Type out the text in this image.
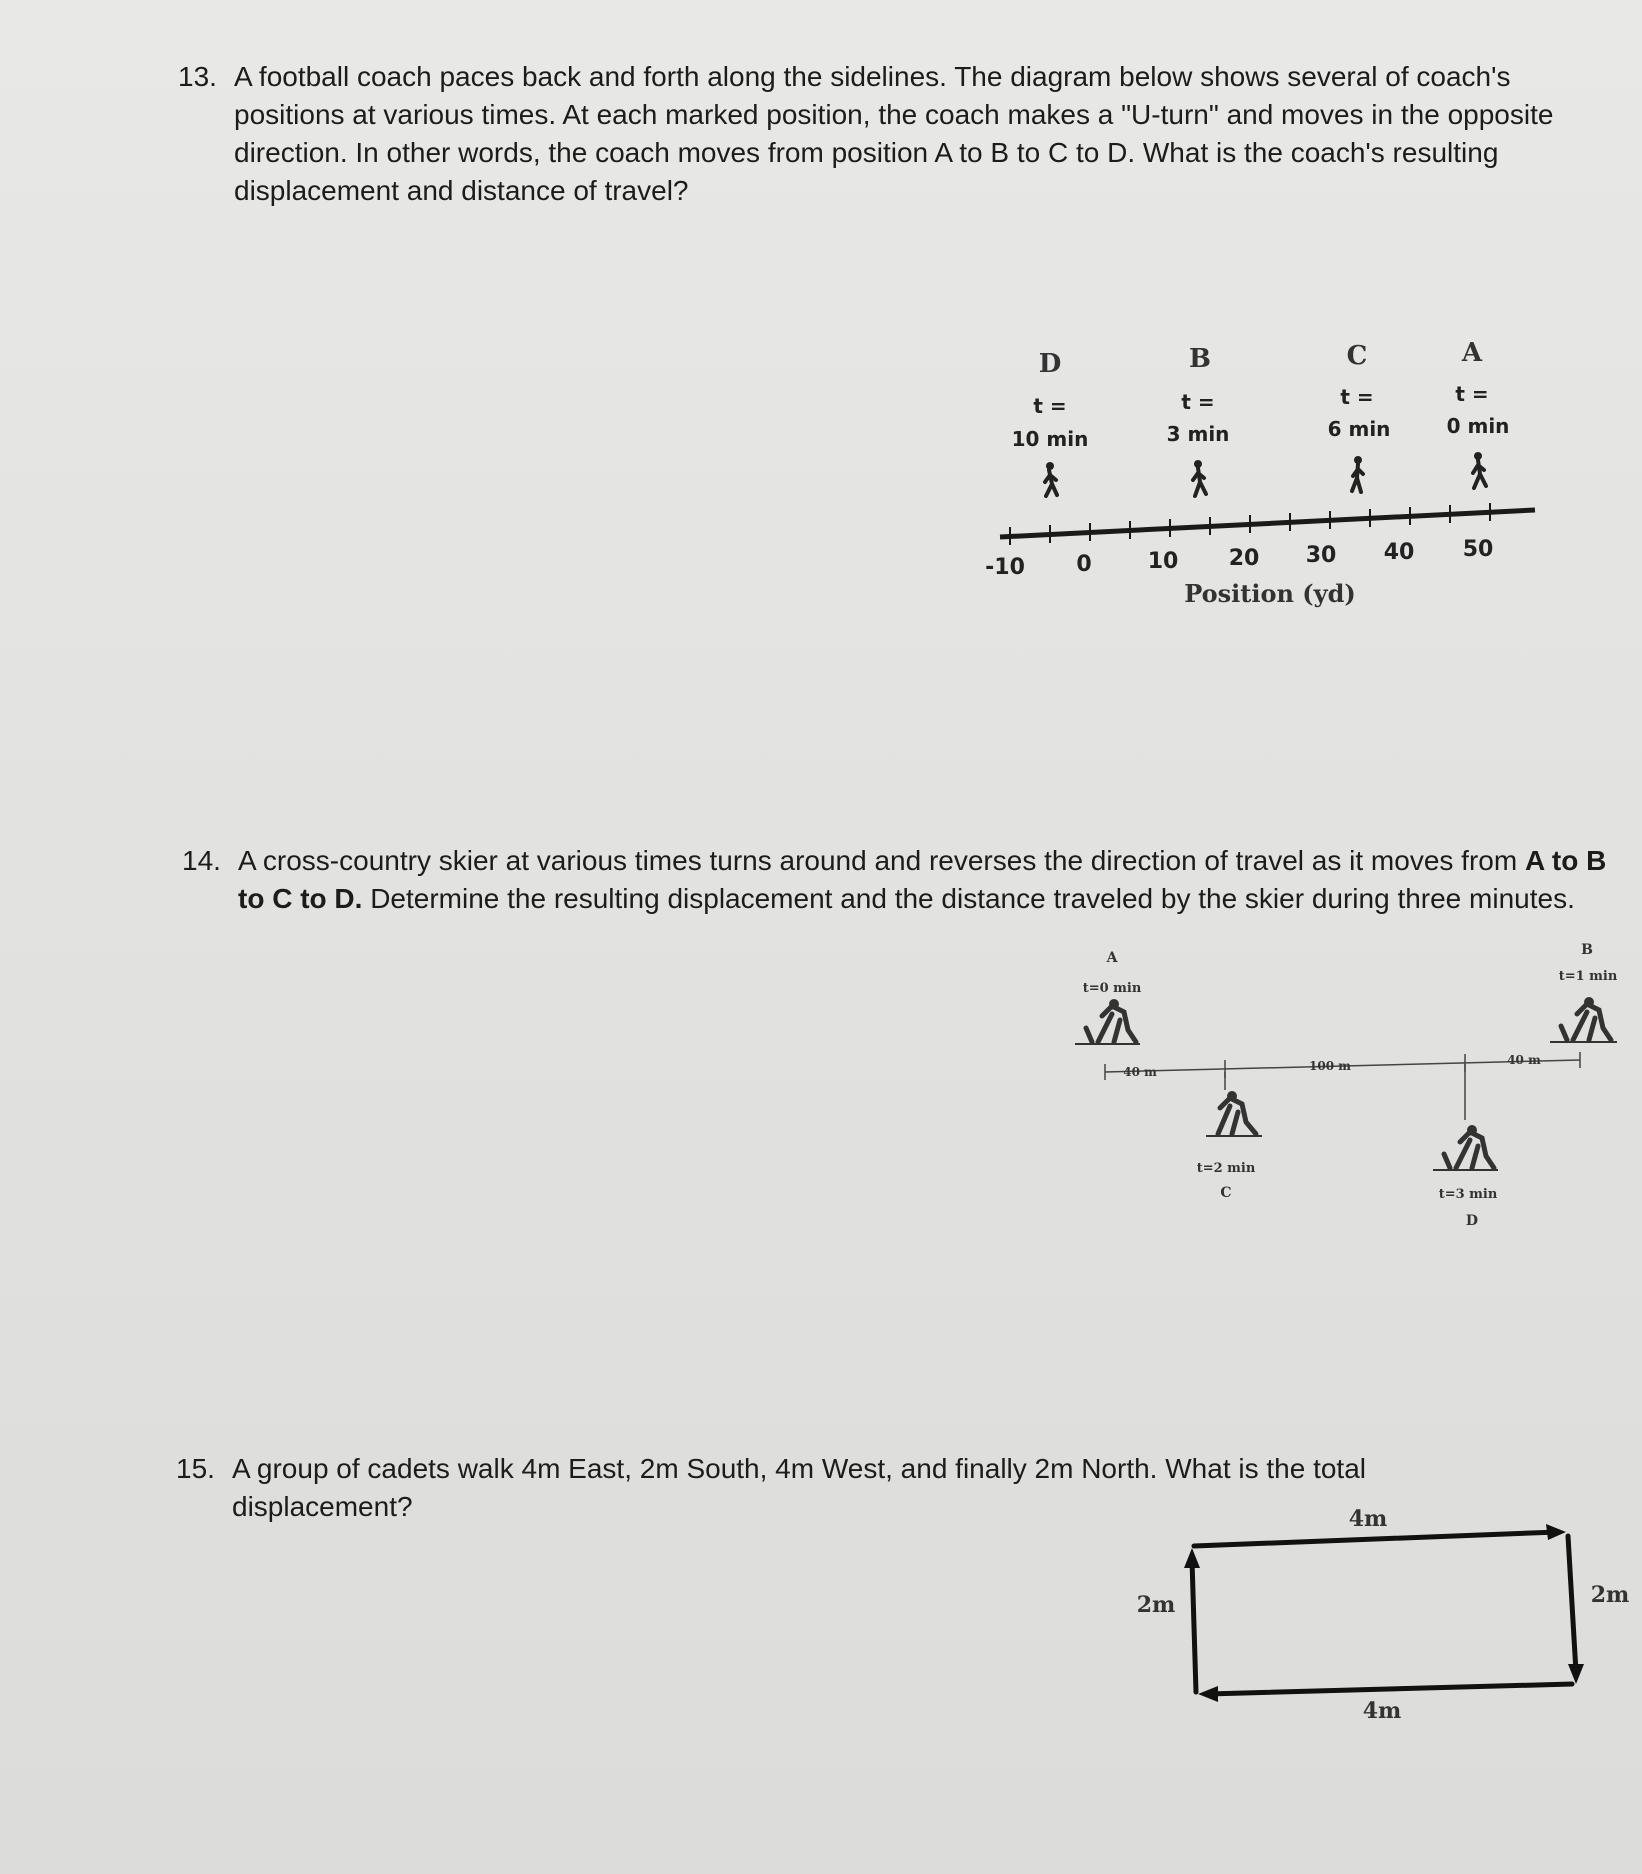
13. A football coach paces back and forth along the sidelines. The diagram below shows several of coach's positions at various times. At each marked position, the coach makes a "U-turn" and moves in the opposite direction. In other words, the coach moves from position A to B to C to D. What is the coach's resulting displacement and distance of travel?
D
t =
10 min
B
t =
3 min
C
t =
6 min
A
t =
0 min
-10 0	10 20 30 40 50
Position (yd)
14. A cross-country skier at various times turns around and reverses the direction of travel as it moves from A to B to C to D. Determine the resulting displacement and the distance traveled by the skier during three minutes.
A
t=0 min
B
t=1 min
40 m	100 m	40 m
t=2 min
C	t=3 min
D
15. A group of cadets walk 4m East, 2m South, 4m West, and finally 2m North. What is the total displacement?	4m
4m
2m	2m
